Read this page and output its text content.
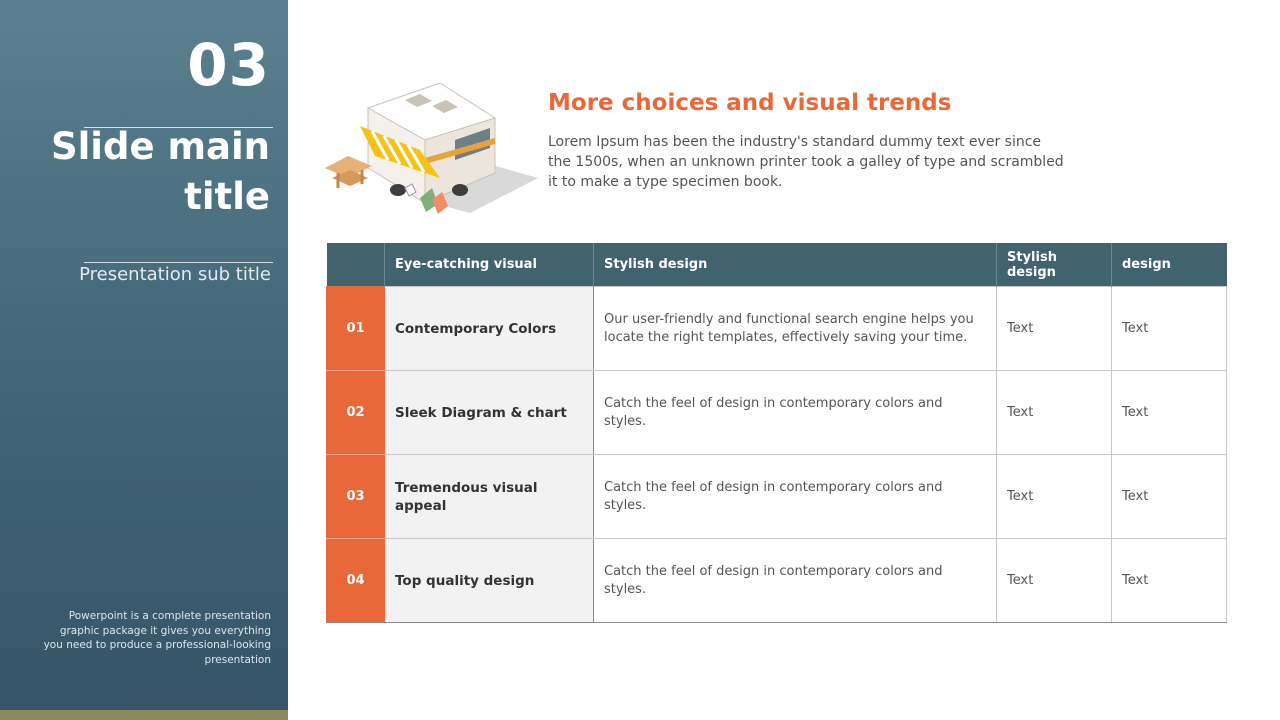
03
Slide main title
Presentation sub title
Powerpoint is a complete presentation graphic package it gives you everything you need to produce a professional-looking presentation
More choices and visual trends
Lorem Ipsum has been the industry's standard dummy text ever since the 1500s, when an unknown printer took a galley of type and scrambled it to make a type specimen book.
	Eye-catching visual	Stylish design	Stylish design	design
01	Contemporary Colors	Our user-friendly and functional search engine helps you locate the right templates, effectively saving your time.	Text	Text
02	Sleek Diagram & chart	Catch the feel of design in contemporary colors and styles.	Text	Text
03	Tremendous visual appeal	Catch the feel of design in contemporary colors and styles.	Text	Text
04	Top quality design	Catch the feel of design in contemporary colors and styles.	Text	Text
